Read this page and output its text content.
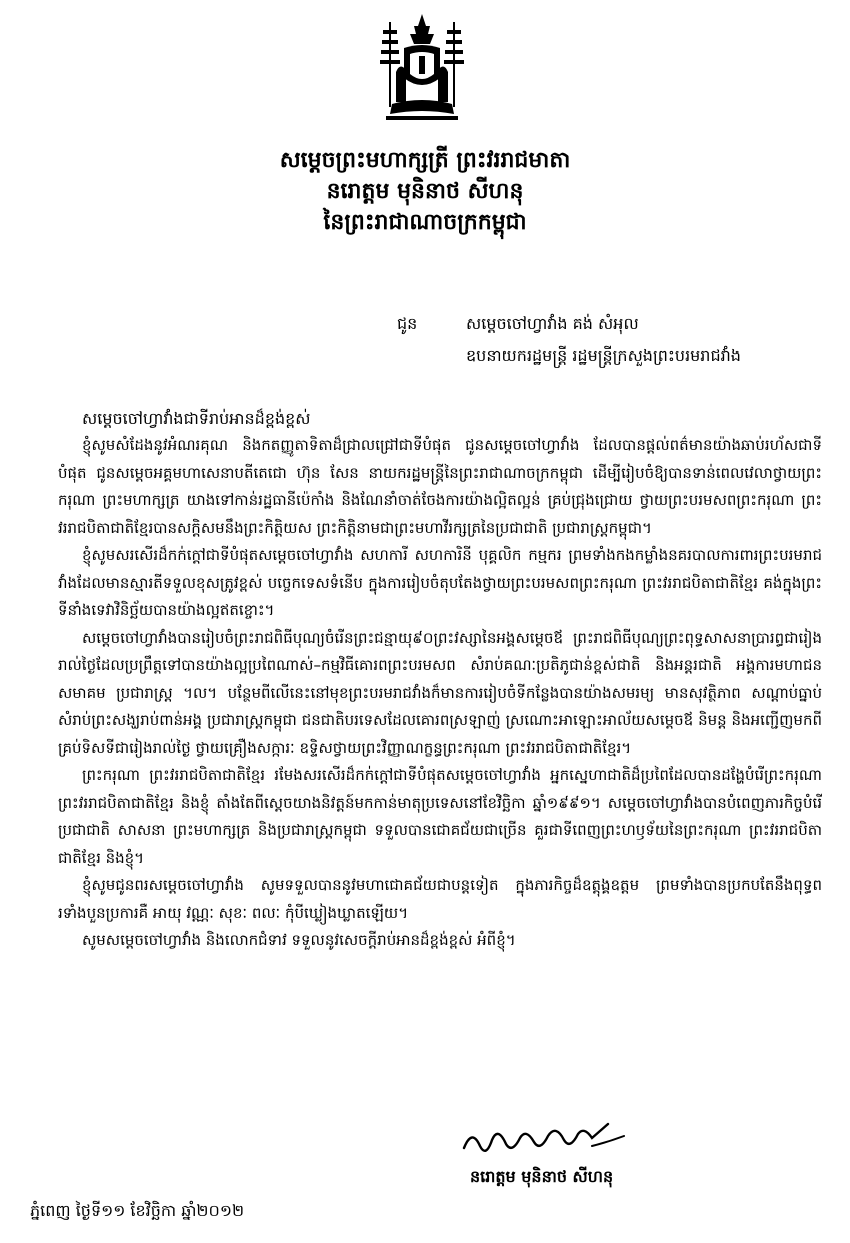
សម្តេចព្រះមហាក្សត្រី ព្រះវររាជមាតា
នរោត្តម មុនិនាថ សីហនុ
នៃព្រះរាជាណាចក្រកម្ពុជា
ជូន	សម្តេចចៅហ្វាវាំង គង់ សំអុល
ឧបនាយករដ្ឋមន្ត្រី រដ្ឋមន្ត្រីក្រសួងព្រះបរមរាជវាំង
សម្តេចចៅហ្វាវាំងជាទីរាប់អានដ៏ខ្ពង់ខ្ពស់

ខ្ញុំសូមសំដែងនូវអំណរគុណ និងកតញ្ញូតាទិតាដ៏ជ្រាលជ្រៅជាទីបំផុត ជូនសម្តេចចៅហ្វាវាំង ដែលបានផ្តល់ពត៌មានយ៉ាងឆាប់រហ័សជាទីបំផុត ជូនសម្តេចអគ្គមហាសេនាបតីតេជោ ហ៊ុន សែន នាយករដ្ឋមន្ត្រីនៃព្រះរាជាណាចក្រកម្ពុជា ដើម្បីរៀបចំឱ្យបានទាន់ពេលវេលាថ្វាយព្រះករុណា ព្រះមហាក្សត្រ យាងទៅកាន់រដ្ឋធានីប៉េកាំង និងណែនាំចាត់ចែងការយ៉ាងល្អិតល្អន់ គ្រប់ជ្រុងជ្រោយ ថ្វាយព្រះបរមសពព្រះករុណា ព្រះវររាជបិតាជាតិខ្មែរបានសក្តិសមនឹងព្រះកិត្តិយស ព្រះកិត្តិនាមជាព្រះមហាវីរក្សត្រនៃប្រជាជាតិ ប្រជារាស្ត្រកម្ពុជា។

ខ្ញុំសូមសរសើរដ៏កក់ក្តៅជាទីបំផុតសម្តេចចៅហ្វាវាំង សហការី សហការិនី បុគ្គលិក កម្មករ ព្រមទាំងកងកម្លាំងនគរបាលការពារព្រះបរមរាជវាំងដែលមានស្មារតីទទួលខុសត្រូវខ្ពស់ បច្ចេកទេសទំនើប ក្នុងការរៀបចំតុបតែងថ្វាយព្រះបរមសពព្រះករុណា ព្រះវររាជបិតាជាតិខ្មែរ គង់ក្នុងព្រះទីនាំងទេវាវិនិច្ឆ័យបានយ៉ាងល្អឥតខ្ចោះ។

សម្តេចចៅហ្វាវាំងបានរៀបចំព្រះរាជពិធីបុណ្យចំរើនព្រះជន្មាយុ៩០ព្រះវស្សានៃអង្គសម្តេចឪ ព្រះរាជពិធីបុណ្យព្រះពុទ្ធសាសនាប្រារព្ធជារៀងរាល់ថ្ងៃដែលប្រព្រឹត្តទៅបានយ៉ាងល្អប្រពៃណាស់–កម្មវិធីគោរពព្រះបរមសព សំរាប់គណៈប្រតិភូជាន់ខ្ពស់ជាតិ និងអន្តរជាតិ អង្គការមហាជន សមាគម ប្រជារាស្ត្រ ។ល។ បន្ថែមពីលើនេះនៅមុខព្រះបរមរាជវាំងក៏មានការរៀបចំទីកន្លែងបានយ៉ាងសមរម្យ មានសុវត្ថិភាព សណ្តាប់ធ្នាប់សំរាប់ព្រះសង្ឃរាប់ពាន់អង្គ ប្រជារាស្ត្រកម្ពុជា ជនជាតិបរទេសដែលគោរពស្រឡាញ់ ស្រណោះអាឡោះអាល័យសម្តេចឪ និមន្ត និងអញ្ជើញមកពីគ្រប់ទិសទីជារៀងរាល់ថ្ងៃ ថ្វាយគ្រឿងសក្ការៈ ឧទ្ទិសថ្វាយព្រះវិញ្ញាណក្ខន្ធព្រះករុណា ព្រះវររាជបិតាជាតិខ្មែរ។

ព្រះករុណា ព្រះវររាជបិតាជាតិខ្មែរ រមែងសរសើរដ៏កក់ក្តៅជាទីបំផុតសម្តេចចៅហ្វាវាំង អ្នកស្នេហាជាតិដ៏ប្រពៃដែលបានដង្ហែបំរើព្រះករុណា ព្រះវររាជបិតាជាតិខ្មែរ និងខ្ញុំ តាំងតែពីស្តេចយាងនិវត្តន៍មកកាន់មាតុប្រទេសនៅខែវិច្ឆិកា ឆ្នាំ១៩៩១។ សម្តេចចៅហ្វាវាំងបានបំពេញភារកិច្ចបំរើប្រជាជាតិ សាសនា ព្រះមហាក្សត្រ និងប្រជារាស្ត្រកម្ពុជា ទទួលបានជោគជ័យជាច្រើន គួរជាទីពេញព្រះហឫទ័យនៃព្រះករុណា ព្រះវររាជបិតាជាតិខ្មែរ និងខ្ញុំ។

ខ្ញុំសូមជូនពរសម្តេចចៅហ្វាវាំង សូមទទួលបាននូវមហាជោគជ័យជាបន្តទៀត ក្នុងភារកិច្ចដ៏ឧត្តុង្គឧត្តម ព្រមទាំងបានប្រកបតែនឹងពុទ្ធពរទាំងបួនប្រការគឺ អាយុ វណ្ណៈ សុខៈ ពលៈ កុំបីឃ្លៀងឃ្លាតឡើយ។

សូមសម្តេចចៅហ្វាវាំង និងលោកជំទាវ ទទួលនូវសេចក្តីរាប់អានដ៏ខ្ពង់ខ្ពស់ អំពីខ្ញុំ។

នរោត្តម មុនិនាថ សីហនុ
ភ្នំពេញ ថ្ងៃទី១១ ខែវិច្ឆិកា ឆ្នាំ២០១២
